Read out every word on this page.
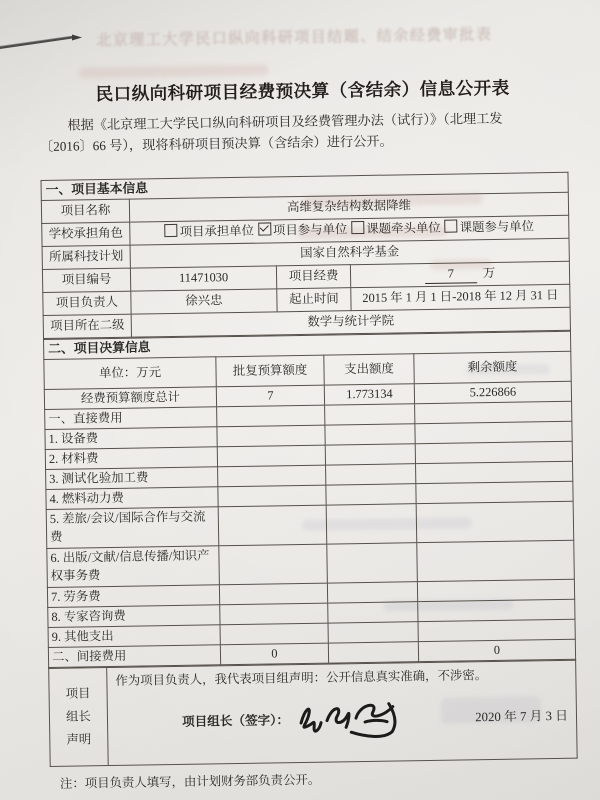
北京理工大学民口纵向科研项目结题、结余经费审批表
民口纵向科研项目经费预决算（含结余）信息公开表
根据《北京理工大学民口纵向科研项目及经费管理办法（试行）》（北理工发
〔2016〕66 号），现将科研项目预决算（含结余）进行公开。
一、项目基本信息			
项目名称	高维复杂结构数据降维		
学校承担角色	项目承担单位 项目参与单位 课题牵头单位 课题参与单位		
所属科技计划	国家自然科学基金		
项目编号	11471030	项目经费	7 万
项目负责人	徐兴忠	起止时间	2015 年 1 月 1 日-2018 年 12 月 31 日
项目所在二级	数学与统计学院		
二、项目决算信息			
单位：万元	批复预算额度	支出额度	剩余额度
经费预算额度总计	7	1.773134	5.226866
一、直接费用			
1. 设备费			
2. 材料费			
3. 测试化验加工费			
4. 燃料动力费			
5. 差旅/会议/国际合作与交流费			
6. 出版/文献/信息传播/知识产权事务费			
7. 劳务费			
8. 专家咨询费			
9. 其他支出			
二、间接费用	0		0
项目
组长
声明

作为项目负责人，我代表项目组声明：公开信息真实准确，不涉密。
项目组长（签字）：	2020 年 7 月 3 日
注：项目负责人填写，由计划财务部负责公开。
